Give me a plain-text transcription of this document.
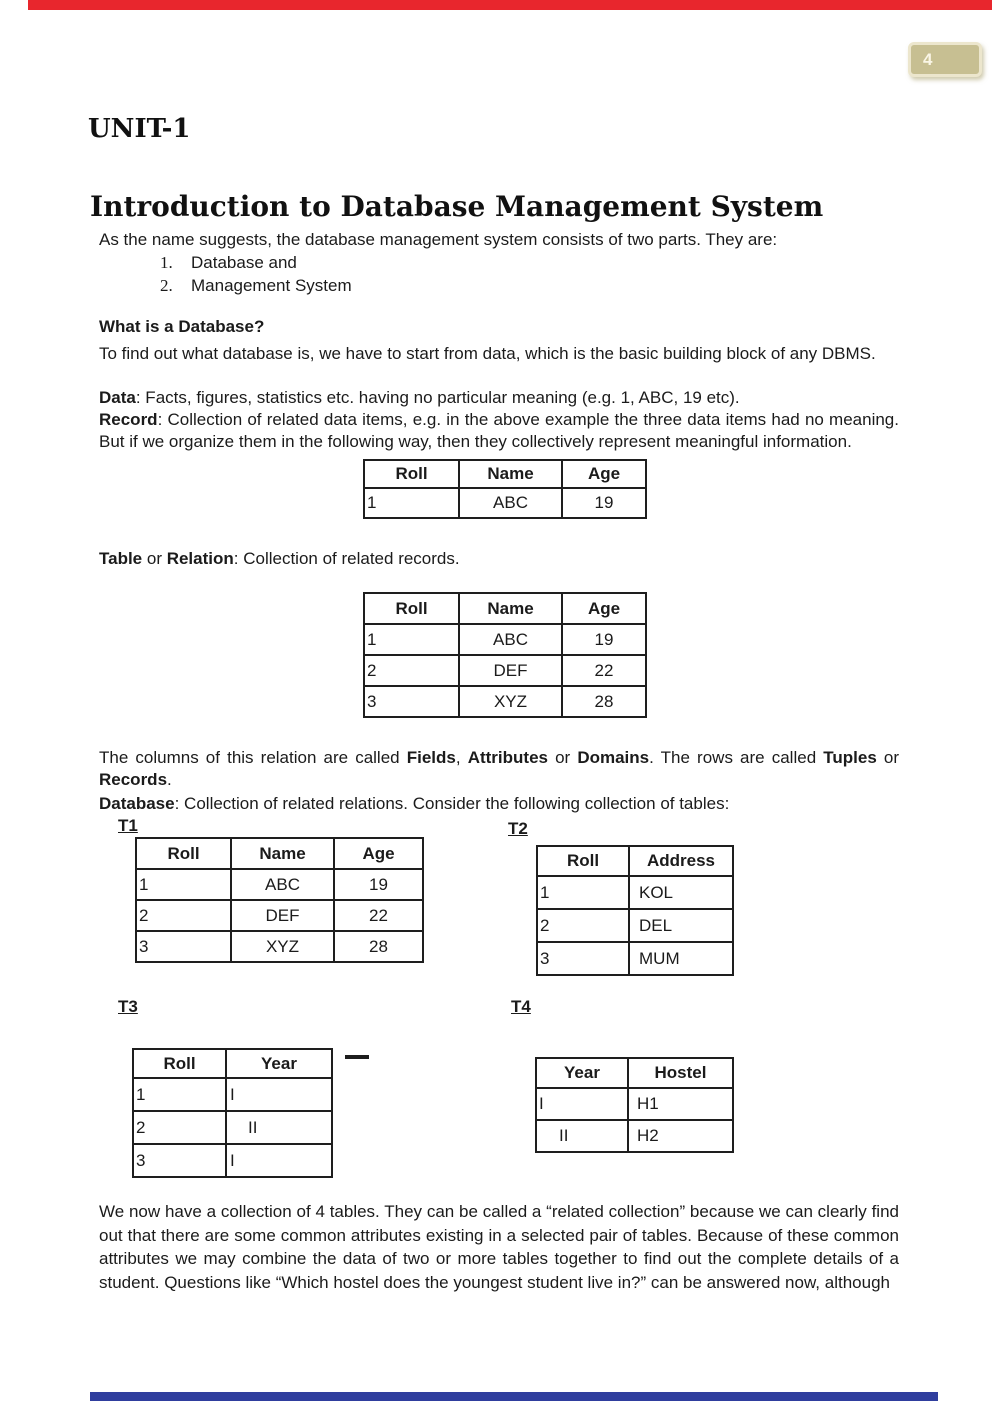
4
UNIT-1
Introduction to Database Management System
As the name suggests, the database management system consists of two parts. They are:
1.	Database and
2.	Management System
What is a Database?
To find out what database is, we have to start from data, which is the basic building block of any DBMS.
Data: Facts, figures, statistics etc. having no particular meaning (e.g. 1, ABC, 19 etc).
Record: Collection of related data items, e.g. in the above example the three data items had no meaning. But if we organize them in the following way, then they collectively represent meaningful information.
Roll	Name	Age
1	ABC	19
Table or Relation: Collection of related records.
Roll	Name	Age
1	ABC	19
2	DEF	22
3	XYZ	28
The columns of this relation are called Fields, Attributes or Domains. The rows are called Tuples or Records.
Database: Collection of related relations. Consider the following collection of tables:
T1
Roll	Name	Age
1	ABC	19
2	DEF	22
3	XYZ	28
T2
Roll	Address
1	KOL
2	DEL
3	MUM
T3
Roll	Year
1	I
2	II
3	I
T4
Year	Hostel
I	H1
II	H2
We now have a collection of 4 tables. They can be called a “related collection” because we can clearly find out that there are some common attributes existing in a selected pair of tables. Because of these common attributes we may combine the data of two or more tables together to find out the complete details of a student. Questions like “Which hostel does the youngest student live in?” can be answered now, although
